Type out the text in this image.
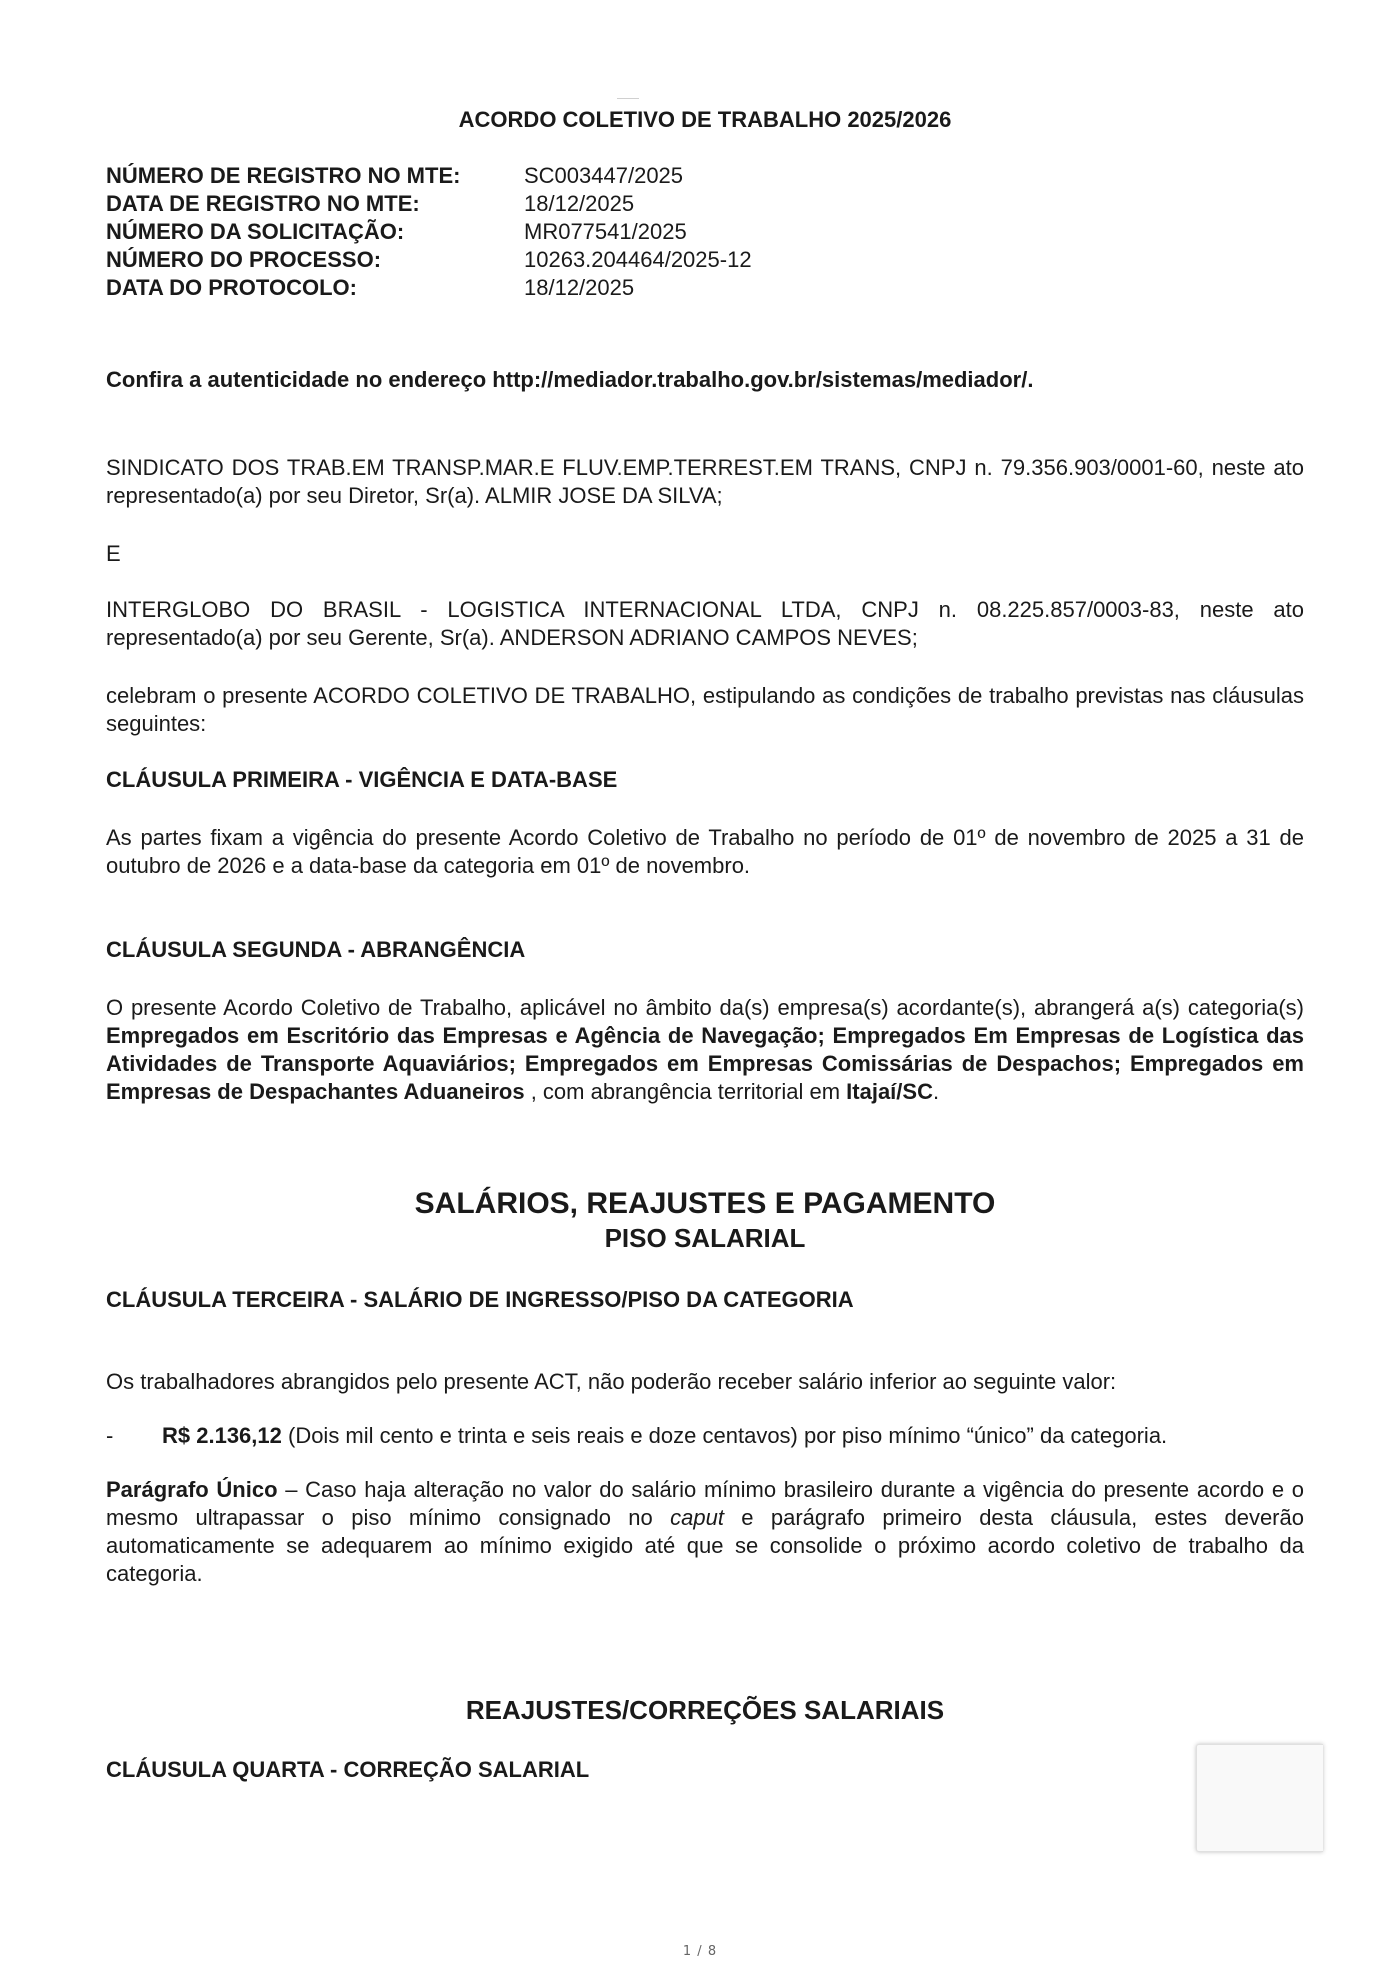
ACORDO COLETIVO DE TRABALHO 2025/2026
NÚMERO DE REGISTRO NO MTE:	SC003447/2025
DATA DE REGISTRO NO MTE:	18/12/2025
NÚMERO DA SOLICITAÇÃO:	MR077541/2025
NÚMERO DO PROCESSO:	10263.204464/2025-12
DATA DO PROTOCOLO:	18/12/2025
Confira a autenticidade no endereço http://mediador.trabalho.gov.br/sistemas/mediador/.
SINDICATO DOS TRAB.EM TRANSP.MAR.E FLUV.EMP.TERREST.EM TRANS, CNPJ n. 79.356.903/0001-60, neste ato representado(a) por seu Diretor, Sr(a). ALMIR JOSE DA SILVA;
E
INTERGLOBO DO BRASIL - LOGISTICA INTERNACIONAL LTDA, CNPJ n. 08.225.857/0003-83, neste ato representado(a) por seu Gerente, Sr(a). ANDERSON ADRIANO CAMPOS NEVES;
celebram o presente ACORDO COLETIVO DE TRABALHO, estipulando as condições de trabalho previstas nas cláusulas seguintes:
CLÁUSULA PRIMEIRA - VIGÊNCIA E DATA-BASE
As partes fixam a vigência do presente Acordo Coletivo de Trabalho no período de 01º de novembro de 2025 a 31 de outubro de 2026 e a data-base da categoria em 01º de novembro.
CLÁUSULA SEGUNDA - ABRANGÊNCIA
O presente Acordo Coletivo de Trabalho, aplicável no âmbito da(s) empresa(s) acordante(s), abrangerá a(s) categoria(s) Empregados em Escritório das Empresas e Agência de Navegação; Empregados Em Empresas de Logística das Atividades de Transporte Aquaviários; Empregados em Empresas Comissárias de Despachos; Empregados em Empresas de Despachantes Aduaneiros , com abrangência territorial em Itajaí/SC.
SALÁRIOS, REAJUSTES E PAGAMENTO
PISO SALARIAL
CLÁUSULA TERCEIRA - SALÁRIO DE INGRESSO/PISO DA CATEGORIA
Os trabalhadores abrangidos pelo presente ACT, não poderão receber salário inferior ao seguinte valor:
- R$ 2.136,12 (Dois mil cento e trinta e seis reais e doze centavos) por piso mínimo “único” da categoria.
Parágrafo Único – Caso haja alteração no valor do salário mínimo brasileiro durante a vigência do presente acordo e o mesmo ultrapassar o piso mínimo consignado no caput e parágrafo primeiro desta cláusula, estes deverão automaticamente se adequarem ao mínimo exigido até que se consolide o próximo acordo coletivo de trabalho da categoria.
REAJUSTES/CORREÇÕES SALARIAIS
CLÁUSULA QUARTA - CORREÇÃO SALARIAL
1 / 8
